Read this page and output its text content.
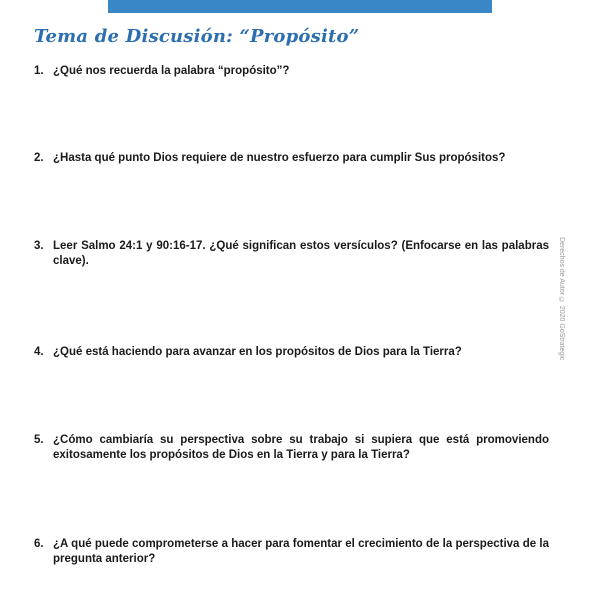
Tema de Discusión: “Propósito”
1. ¿Qué nos recuerda la palabra “propósito”?
2. ¿Hasta qué punto Dios requiere de nuestro esfuerzo para cumplir Sus propósitos?
3. Leer Salmo 24:1 y 90:16-17. ¿Qué significan estos versículos? (Enfocarse en las palabras clave).
4. ¿Qué está haciendo para avanzar en los propósitos de Dios para la Tierra?
5. ¿Cómo cambiaría su perspectiva sobre su trabajo si supiera que está promoviendo exitosamente los propósitos de Dios en la Tierra y para la Tierra?
6. ¿A qué puede comprometerse a hacer para fomentar el crecimiento de la perspectiva de la pregunta anterior?
Derechos de Autor © 2020 GoStrategic
